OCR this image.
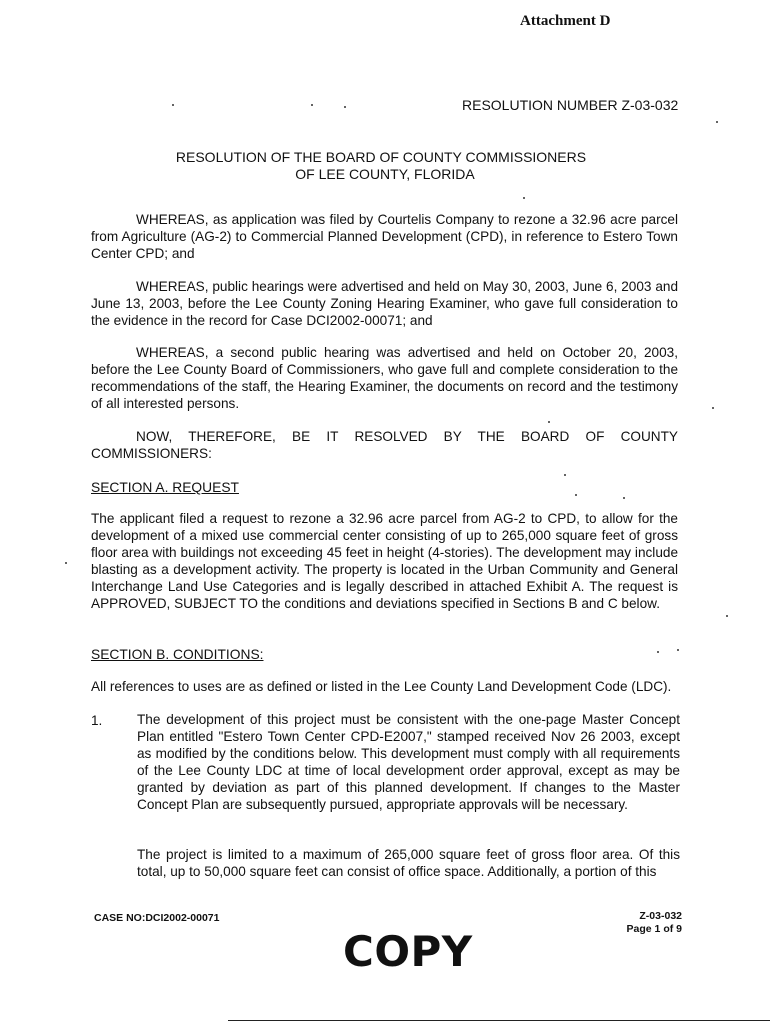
Attachment D
RESOLUTION NUMBER Z-03-032
RESOLUTION OF THE BOARD OF COUNTY COMMISSIONERS
OF LEE COUNTY, FLORIDA

WHEREAS, as application was filed by Courtelis Company to rezone a 32.96 acre parcel from Agriculture (AG-2) to Commercial Planned Development (CPD), in reference to Estero Town Center CPD; and

WHEREAS, public hearings were advertised and held on May 30, 2003, June 6, 2003 and June 13, 2003, before the Lee County Zoning Hearing Examiner, who gave full consideration to the evidence in the record for Case DCI2002-00071; and

WHEREAS, a second public hearing was advertised and held on October 20, 2003, before the Lee County Board of Commissioners, who gave full and complete consideration to the recommendations of the staff, the Hearing Examiner, the documents on record and the testimony of all interested persons.

NOW, THEREFORE, BE IT RESOLVED BY THE BOARD OF COUNTY

COMMISSIONERS:
SECTION A. REQUEST

The applicant filed a request to rezone a 32.96 acre parcel from AG-2 to CPD, to allow for the development of a mixed use commercial center consisting of up to 265,000 square feet of gross floor area with buildings not exceeding 45 feet in height (4-stories). The development may include blasting as a development activity. The property is located in the Urban Community and General Interchange Land Use Categories and is legally described in attached Exhibit A. The request is APPROVED, SUBJECT TO the conditions and deviations specified in Sections B and C below.

SECTION B. CONDITIONS:

All references to uses are as defined or listed in the Lee County Land Development Code (LDC).

1.	The development of this project must be consistent with the one-page Master Concept Plan entitled "Estero Town Center CPD-E2007," stamped received Nov 26 2003, except as modified by the conditions below. This development must comply with all requirements of the Lee County LDC at time of local development order approval, except as may be granted by deviation as part of this planned development. If changes to the Master Concept Plan are subsequently pursued, appropriate approvals will be necessary.

The project is limited to a maximum of 265,000 square feet of gross floor area. Of this total, up to 50,000 square feet can consist of office space. Additionally, a portion of this

CASE NO:DCI2002-00071	Z-03-032
Page 1 of 9
COPY
